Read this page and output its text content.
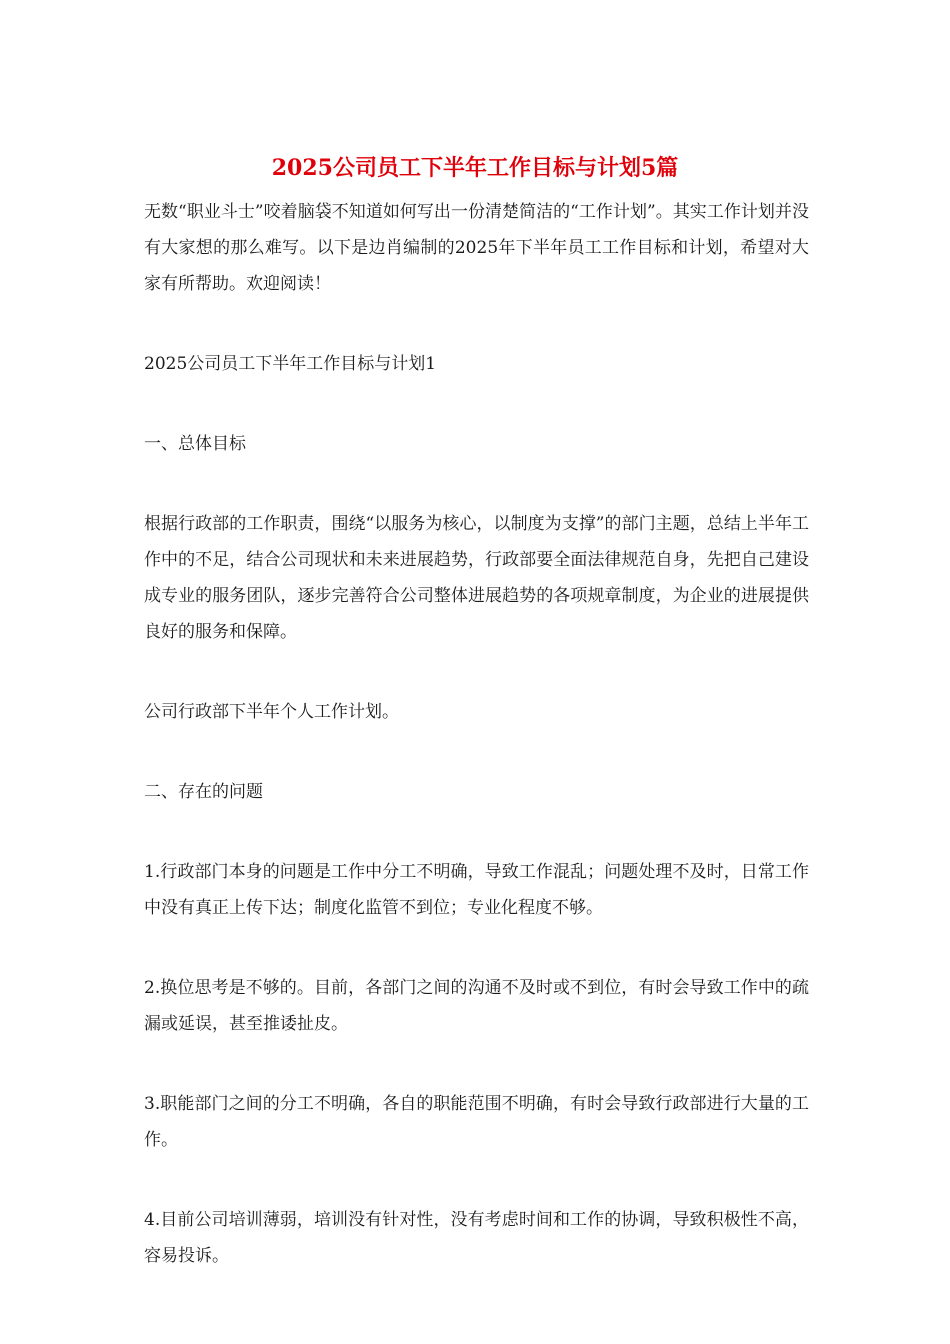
2025公司员工下半年工作目标与计划5篇

无数“职业斗士”咬着脑袋不知道如何写出一份清楚简洁的“工作计划”。其实工作计划并没有大家想的那么难写。以下是边肖编制的2025年下半年员工工作目标和计划，希望对大家有所帮助。欢迎阅读！

2025公司员工下半年工作目标与计划1

一、总体目标

根据行政部的工作职责，围绕“以服务为核心，以制度为支撑”的部门主题，总结上半年工作中的不足，结合公司现状和未来进展趋势，行政部要全面法律规范自身，先把自己建设成专业的服务团队，逐步完善符合公司整体进展趋势的各项规章制度，为企业的进展提供良好的服务和保障。

公司行政部下半年个人工作计划。

二、存在的问题

1.行政部门本身的问题是工作中分工不明确，导致工作混乱；问题处理不及时，日常工作中没有真正上传下达；制度化监管不到位；专业化程度不够。

2.换位思考是不够的。目前，各部门之间的沟通不及时或不到位，有时会导致工作中的疏漏或延误，甚至推诿扯皮。

3.职能部门之间的分工不明确，各自的职能范围不明确，有时会导致行政部进行大量的工作。

4.目前公司培训薄弱，培训没有针对性，没有考虑时间和工作的协调，导致积极性不高，容易投诉。
